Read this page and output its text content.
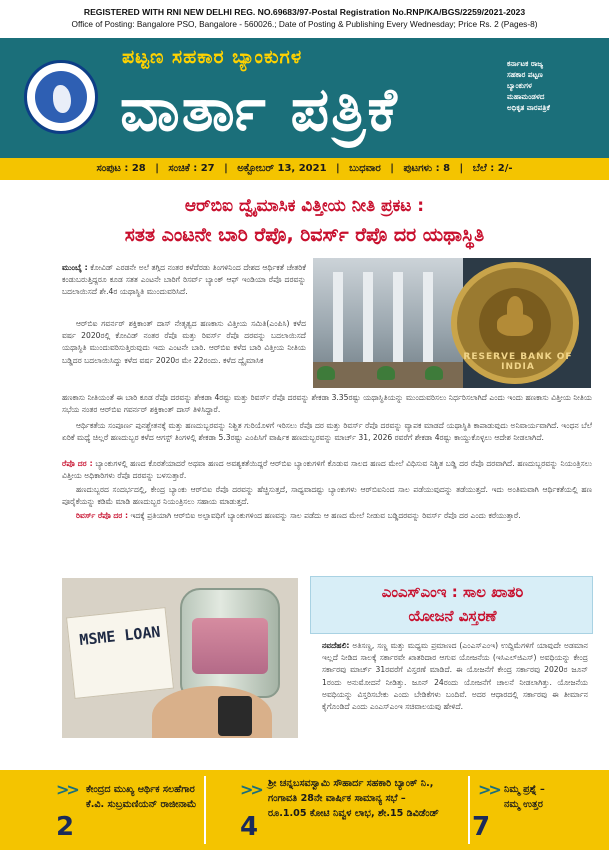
REGISTERED WITH RNI NEW DELHI REG. NO.69683/97-Postal Registration No.RNP/KA/BGS/2259/2021-2023
Office of Posting: Bangalore PSO, Bangalore - 560026.; Date of Posting & Publishing Every Wednesday; Price Rs. 2 (Pages-8)
ಪಟ್ಟಣ ಸಹಕಾರ ಬ್ಯಾಂಕುಗಳ
ವಾರ್ತಾ ಪತ್ರಿಕೆ
ಕರ್ನಾಟಕ ರಾಜ್ಯ
ಸಹಕಾರ ಪಟ್ಟಣ
ಬ್ಯಾಂಕುಗಳ
ಮಹಾಮಂಡಳದ
ಅಧಿಕೃತ ವಾರಪತ್ರಿಕೆ
ಸಂಪುಟ : 28 | ಸಂಚಿಕೆ : 27 | ಅಕ್ಟೋಬರ್ 13, 2021 | ಬುಧವಾರ | ಪುಟಗಳು : 8 | ಬೆಲೆ : 2/-
ಆರ್‌ಬಿಐ ದ್ವೈಮಾಸಿಕ ವಿತ್ತೀಯ ನೀತಿ ಪ್ರಕಟ :
ಸತತ ಎಂಟನೇ ಬಾರಿ ರೆಪೊ, ರಿವರ್ಸ್ ರೆಪೊ ದರ ಯಥಾಸ್ಥಿತಿ
ಮುಂಬೈ : ಕೋವಿಡ್ ಎರಡನೇ ಅಲೆ ತಗ್ಗಿದ ನಂತರ ಕಳೆದೆರಡು ತಿಂಗಳಿನಿಂದ ದೇಶದ ಆರ್ಥಿಕತೆ ಚೇತರಿಕೆ ಕಂಡುಬರುತ್ತಿದ್ದರೂ ಕೂಡ ಸತತ ಎಂಟನೇ ಬಾರಿಗೆ ರಿಸರ್ವ್ ಬ್ಯಾಂಕ್ ಆಫ್ ಇಂಡಿಯಾ ರೆಪೊ ದರವನ್ನು ಬದಲಾಯಿಸದೆ ಶೇ.4ರ ಯಥಾಸ್ಥಿತಿ ಮುಂದುವರಿಸಿದೆ.
ಆರ್‌ಬಿಐ ಗವರ್ನರ್ ಶಕ್ತಿಕಾಂತ್ ದಾಸ್ ನೇತೃತ್ವದ ಹಣಕಾಸು ವಿತ್ತೀಯ ಸಮಿತಿ(ಎಂಪಿಸಿ) ಕಳೆದ ವರ್ಷ 2020ರಲ್ಲಿ ಕೋವಿಡ್ ನಂತರ ರೆಪೊ ಮತ್ತು ರಿವರ್ಸ್ ರೆಪೊ ದರವನ್ನು ಬದಲಾಯಿಸದೆ ಯಥಾಸ್ಥಿತಿ ಮುಂದುವರಿಸುತ್ತಿರುವುದು ಇದು ಎಂಟನೇ ಬಾರಿ. ಆರ್‌ಬಿಐ ಕಳೆದ ಬಾರಿ ವಿತ್ತೀಯ ನೀತಿಯ ಬಡ್ಡಿದರ ಬದಲಾಯಿಸಿದ್ದು ಕಳೆದ ವರ್ಷ 2020ರ ಮೇ 22ರಂದು. ಕಳೆದ ದ್ವೈಮಾಸಿಕ
ಹಣಕಾಸು ನೀತಿಯಂತೆ ಈ ಬಾರಿ ಕೂಡ ರೆಪೊ ದರವನ್ನು ಶೇಕಡಾ 4ರಷ್ಟು ಮತ್ತು ರಿವರ್ಸ್ ರೆಪೊ ದರವನ್ನು ಶೇಕಡಾ 3.35ರಷ್ಟು ಯಥಾಸ್ಥಿತಿಯನ್ನು ಮುಂದುವರಿಸಲು ನಿರ್ಧರಿಸಲಾಗಿದೆ ಎಂದು ಇಂದು ಹಣಕಾಸು ವಿತ್ತೀಯ ನೀತಿಯ ಸಭೆಯ ನಂತರ ಆರ್‌ಬಿಐ ಗವರ್ನರ್ ಶಕ್ತಿಕಾಂತ್ ದಾಸ್ ತಿಳಿಸಿದ್ದಾರೆ.
ಆರ್ಥಿಕತೆಯ ಸಂಪೂರ್ಣ ಪುನಶ್ಚೇತನಕ್ಕೆ ಮತ್ತು ಹಣದುಬ್ಬರವನ್ನು ನಿಶ್ಚಿತ ಗುರಿಯೊಳಗೆ ಇರಿಸಲು ರೆಪೊ ದರ ಮತ್ತು ರಿವರ್ಸ್ ರೆಪೊ ದರವನ್ನು ವ್ಯಾಪಕ ಮಾಡದೆ ಯಥಾಸ್ಥಿತಿ ಕಾಪಾಡುವುದು ಅನಿವಾರ್ಯವಾಗಿದೆ. ಇಂಧನ ಬೆಲೆ ಏರಿಕೆ ಮಧ್ಯೆ ಚಿಲ್ಲರೆ ಹಣದುಬ್ಬರ ಕಳೆದ ಆಗಸ್ಟ್ ತಿಂಗಳಲ್ಲಿ ಶೇಕಡಾ 5.3ರಷ್ಟು ಎಂಪಿಸಿಗೆ ವಾರ್ಷಿಕ ಹಣದುಬ್ಬರವನ್ನು ಮಾರ್ಚ್ 31, 2026 ರವರೆಗೆ ಶೇಕಡಾ 4ರಷ್ಟು ಕಾಯ್ದುಕೊಳ್ಳಲು ಆದೇಶ ನೀಡಲಾಗಿದೆ.
ರೆಪೊ ದರ : ಬ್ಯಾಂಕುಗಳಲ್ಲಿ ಹಣದ ಕೊರತೆಯಾದರೆ ಅಥವಾ ಹಣದ ಅವಶ್ಯಕತೆಯಿದ್ದರೆ ಆರ್‌ಬಿಐ ಬ್ಯಾಂಕುಗಳಿಗೆ ಕೊಡುವ ಸಾಲದ ಹಣದ ಮೇಲೆ ವಿಧಿಸುವ ನಿಶ್ಚಿತ ಬಡ್ಡಿ ದರ ರೆಪೊ ದರವಾಗಿದೆ. ಹಣದುಬ್ಬರವನ್ನು ನಿಯಂತ್ರಿಸಲು ವಿತ್ತೀಯ ಅಧಿಕಾರಿಗಳು ರೆಪೊ ದರವನ್ನು ಬಳಸುತ್ತಾರೆ.
ಹಣದುಬ್ಬರದ ಸಂದರ್ಭದಲ್ಲಿ, ಕೇಂದ್ರ ಬ್ಯಾಂಕು ಆರ್‌ಬಿಐ ರೆಪೊ ದರವನ್ನು ಹೆಚ್ಚಿಸುತ್ತದೆ, ಸಾಧ್ಯವಾದಷ್ಟು ಬ್ಯಾಂಕುಗಳು ಆರ್‌ಬಿಐನಿಂದ ಸಾಲ ಪಡೆಯುವುದನ್ನು ತಡೆಯುತ್ತದೆ. ಇದು ಅಂತಿಮವಾಗಿ ಆರ್ಥಿಕತೆಯಲ್ಲಿ ಹಣ ಪೂರೈಕೆಯನ್ನು ಕಡಿಮೆ ಮಾಡಿ ಹಣದುಬ್ಬರ ನಿಯಂತ್ರಿಸಲು ಸಹಾಯ ಮಾಡುತ್ತದೆ.
ರಿವರ್ಸ್ ರೆಪೊ ದರ : ಇದಕ್ಕೆ ಪ್ರತಿಯಾಗಿ ಆರ್‌ಬಿಐ ಅಲ್ಪಾವಧಿಗೆ ಬ್ಯಾಂಕುಗಳಿಂದ ಹಣವನ್ನು ಸಾಲ ಪಡೆದು ಆ ಹಣದ ಮೇಲೆ ನೀಡುವ ಬಡ್ಡಿದರವನ್ನು ರಿವರ್ಸ್ ರೆಪೊ ದರ ಎಂದು ಕರೆಯುತ್ತಾರೆ.
RESERVE BANK OF INDIA
MSME LOAN
ಎಂಎಸ್‌ಎಂಇ : ಸಾಲ ಖಾತರಿ
ಯೋಜನೆ ವಿಸ್ತರಣೆ
ನವದೆಹಲಿ: ಅತಿಸಣ್ಣ, ಸಣ್ಣ ಮತ್ತು ಮಧ್ಯಮ ಪ್ರಮಾಣದ (ಎಂಎಸ್‌ಎಂಇ) ಉದ್ದಿಮೆಗಳಿಗೆ ಯಾವುದೇ ಅಡಮಾನ ಇಲ್ಲದೆ ನೀಡಿದ ಸಾಲಕ್ಕೆ ಸರ್ಕಾರವೇ ಖಾತರಿದಾರ ಆಗುವ ಯೋಜನೆಯ (ಇಸಿಎಲ್‌ಜಿಎಸ್) ಅವಧಿಯನ್ನು ಕೇಂದ್ರ ಸರ್ಕಾರವು ಮಾರ್ಚ್ 31ರವರೆಗೆ ವಿಸ್ತರಣೆ ಮಾಡಿದೆ. ಈ ಯೋಜನೆಗೆ ಕೇಂದ್ರ ಸರ್ಕಾರವು 2020ರ ಜೂನ್ 1ರಂದು ಅನುಮೋದನೆ ನೀಡಿತ್ತು. ಜೂನ್ 24ರಂದು ಯೋಜನೆಗೆ ಚಾಲನೆ ನೀಡಲಾಗಿತ್ತು. ಯೋಜನೆಯ ಅವಧಿಯನ್ನು ವಿಸ್ತರಿಸಬೇಕು ಎಂದು ಬೇಡಿಕೆಗಳು ಬಂದಿವೆ. ಅದರ ಆಧಾರದಲ್ಲಿ ಸರ್ಕಾರವು ಈ ತೀರ್ಮಾನ ಕೈಗೊಂಡಿದೆ ಎಂದು ಎಂಎಸ್‌ಎಂಇ ಸಚಿವಾಲಯವು ಹೇಳಿದೆ.
>>
2
ಕೇಂದ್ರದ ಮುಖ್ಯ ಆರ್ಥಿಕ ಸಲಹೆಗಾರ
ಕೆ.ವಿ. ಸುಬ್ರಮಣಿಯನ್ ರಾಜೀನಾಮೆ
>>
4
ಶ್ರೀ ಚನ್ನಬಸವಸ್ವಾಮಿ ಸೌಹಾರ್ದ ಸಹಕಾರಿ ಬ್ಯಾಂಕ್ ನಿ.,
ಗಂಗಾವತಿ 28ನೇ ವಾರ್ಷಿಕ ಸಾಮಾನ್ಯ ಸಭೆ –
ರೂ.1.05 ಕೋಟಿ ನಿವ್ವಳ ಲಾಭ, ಶೇ.15 ಡಿವಿಡೆಂಡ್
>>
7
ನಿಮ್ಮ ಪ್ರಶ್ನೆ –
ನಮ್ಮ ಉತ್ತರ
